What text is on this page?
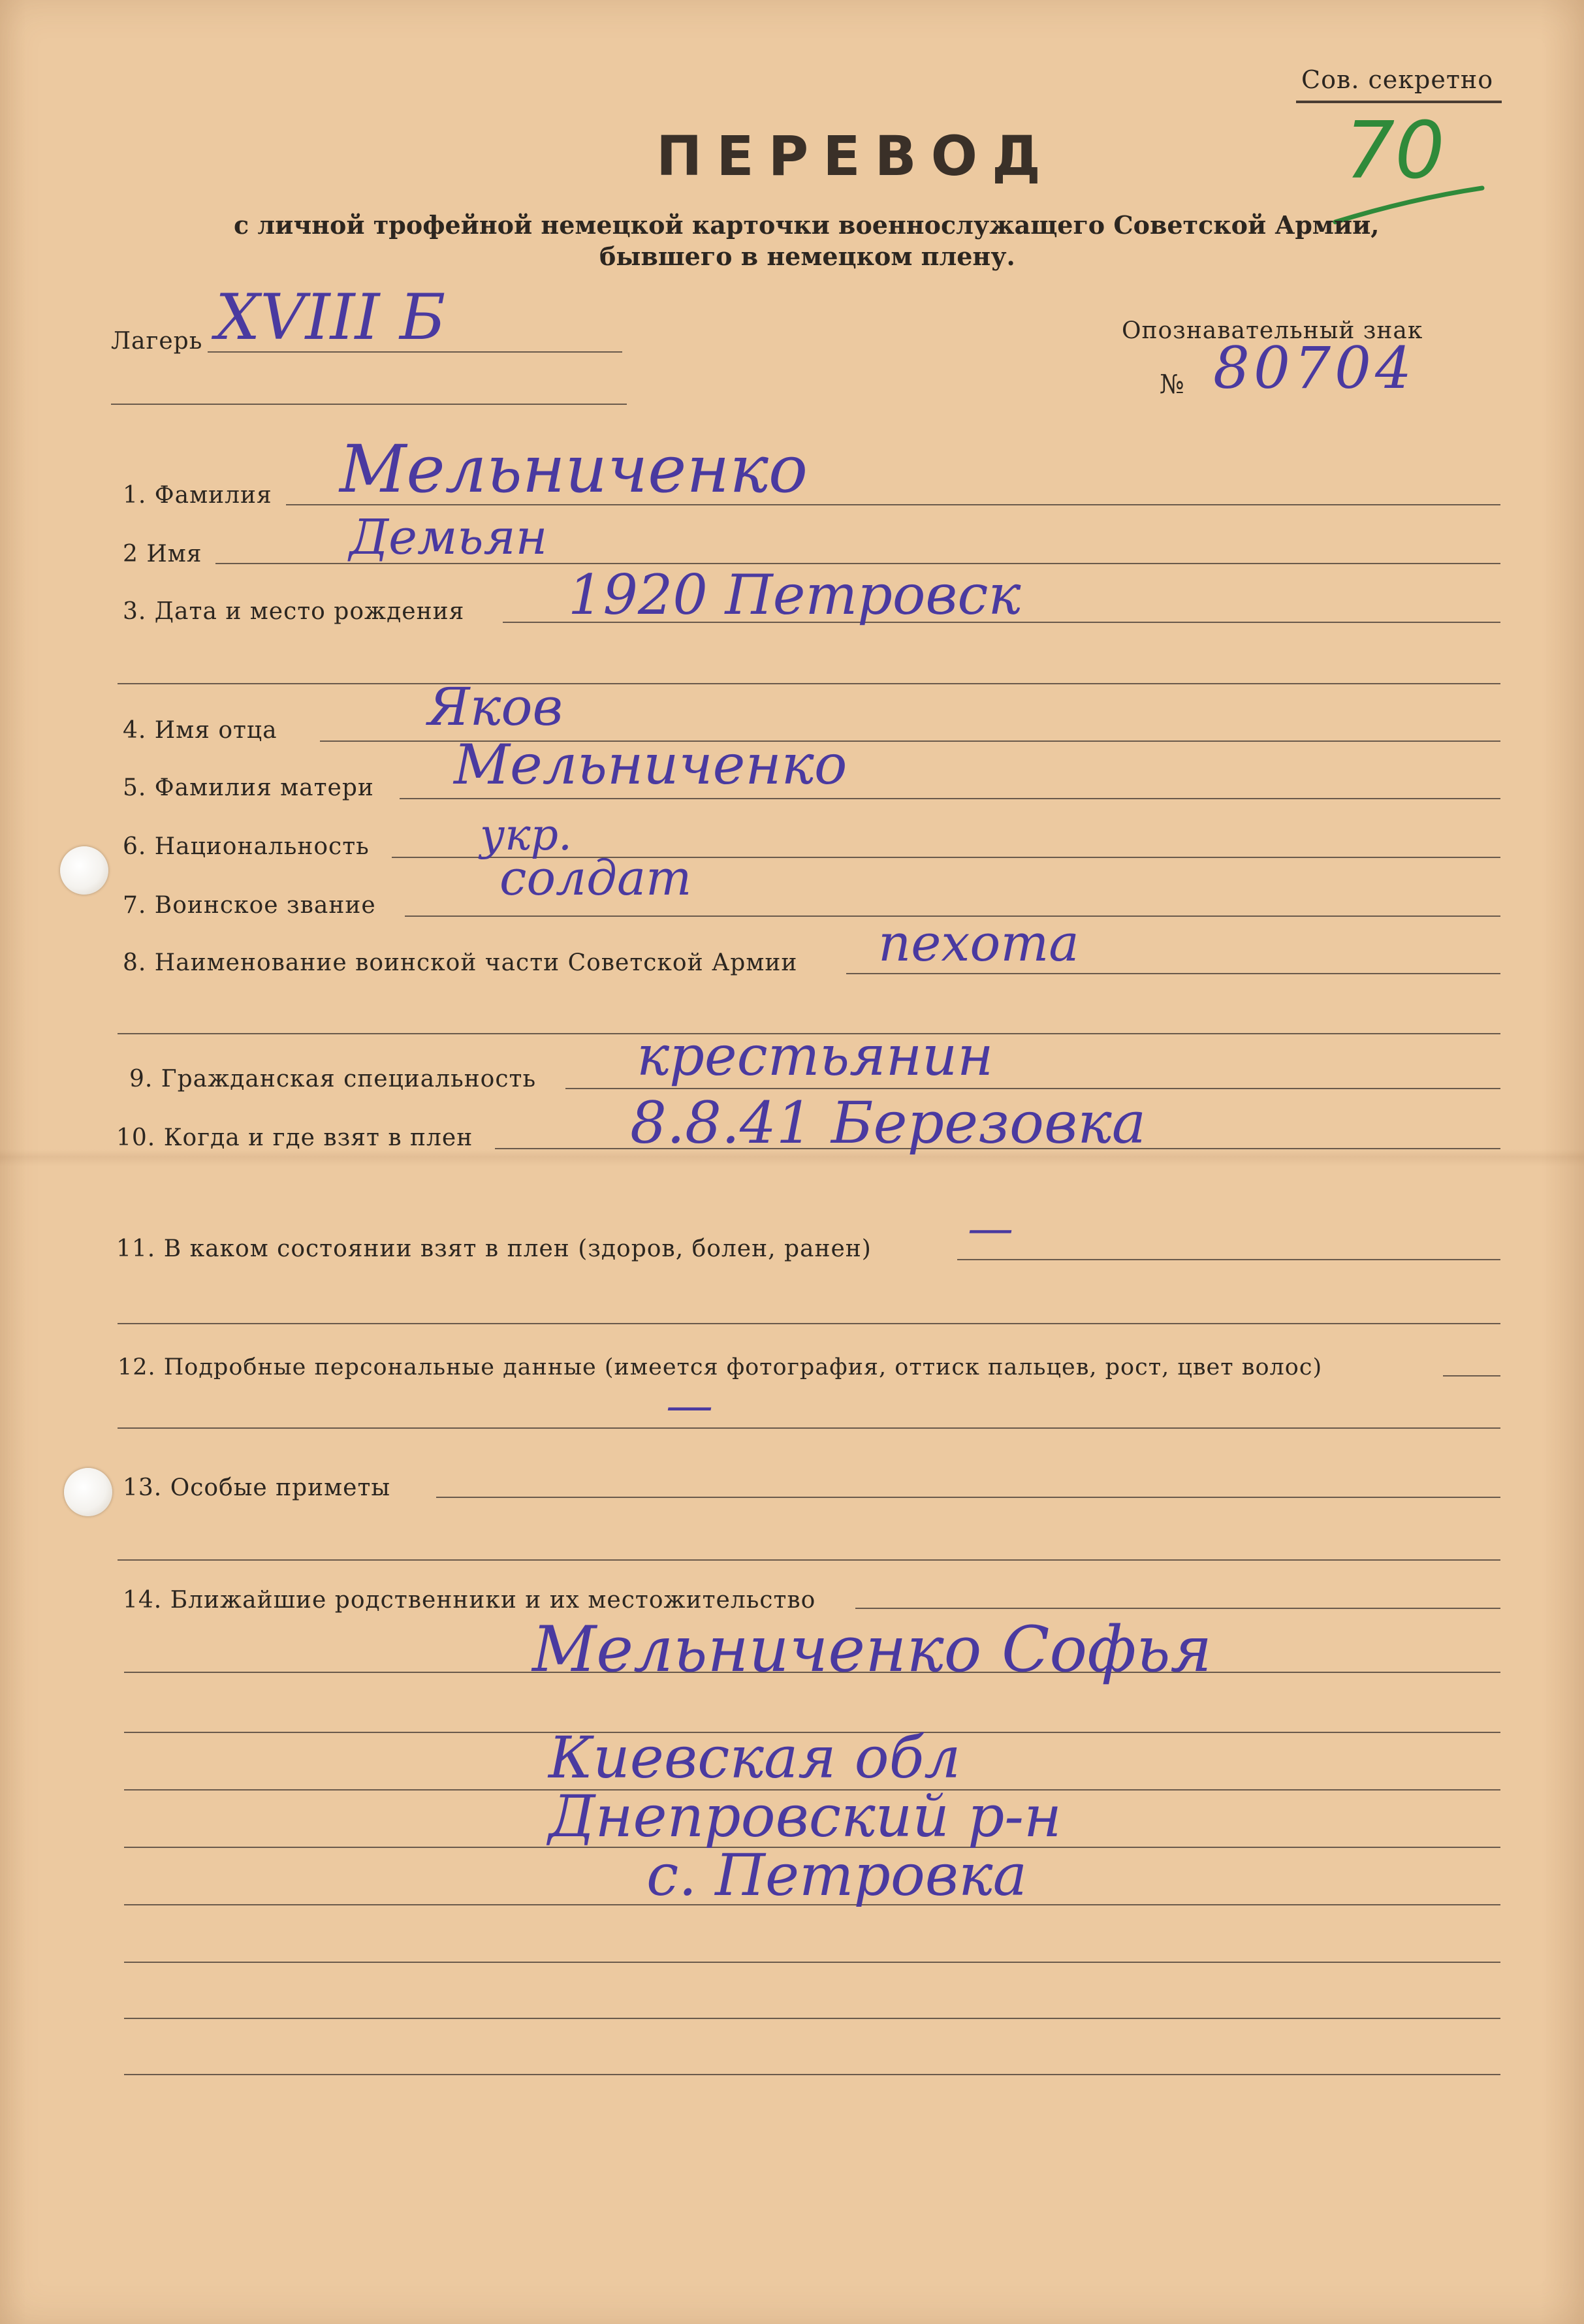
Сов. секретно
70
ПЕРЕВОД
с личной трофейной немецкой карточки военнослужащего Советской Армии,
бывшего в немецком плену.
Лагерь XVIII Б	Опознавательный знак
№ 80704
1. Фамилия Мельниченко
2 Имя	Демьян
3. Дата и место рождения 1920 Петровск
4. Имя отца	Яков
5. Фамилия матери Мельниченко
6. Национальность	укр.
7. Воинское звание	солдат
8. Наименование воинской части Советской Армии пехота
9. Гражданская специальность крестьянин
10. Когда и где взят в плен	8.8.41 Березовка
11. В каком состоянии взят в плен (здоров, болен, ранен) —
12. Подробные персональные данные (имеется фотография, оттиск пальцев, рост, цвет волос)
—
13. Особые приметы
14. Ближайшие родственники и их местожительство
Мельниченко Софья
Киевская обл
Днепровский р-н
с. Петровка
